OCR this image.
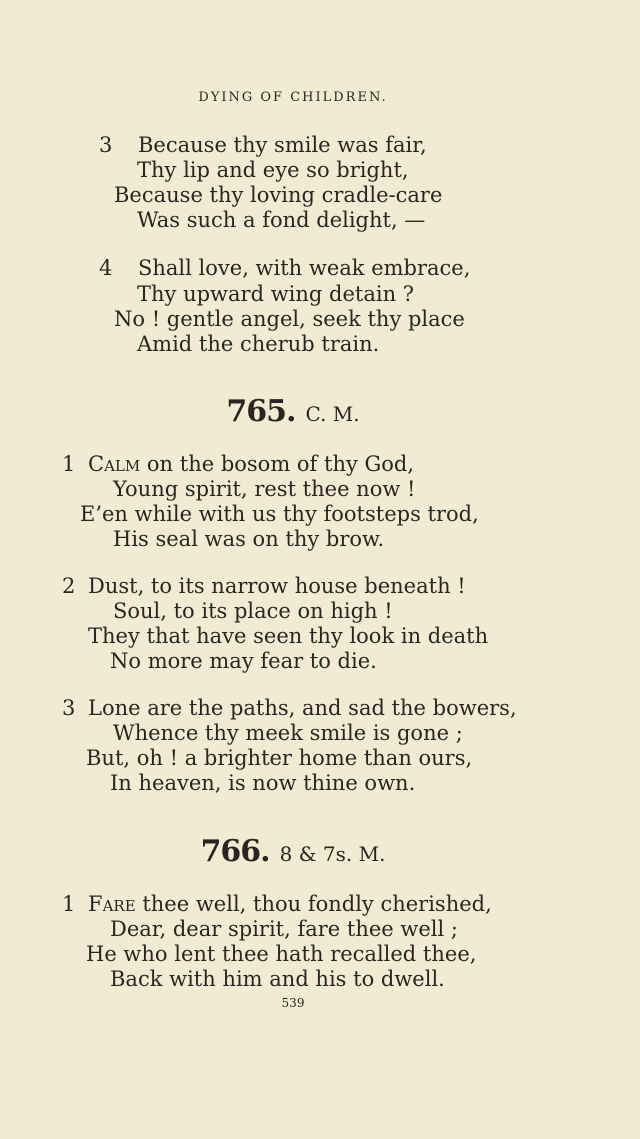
DYING OF CHILDREN.
3 Because thy smile was fair,
Thy lip and eye so bright,
Because thy loving cradle-care
Was such a fond delight, —
4 Shall love, with weak embrace,
Thy upward wing detain ?
No ! gentle angel, seek thy place
Amid the cherub train.
765. C. M.
1 Calm on the bosom of thy God,
Young spirit, rest thee now !
E’en while with us thy footsteps trod,
His seal was on thy brow.
2 Dust, to its narrow house beneath !
Soul, to its place on high !
They that have seen thy look in death
No more may fear to die.
3 Lone are the paths, and sad the bowers,
Whence thy meek smile is gone ;
But, oh ! a brighter home than ours,
In heaven, is now thine own.
766. 8 & 7s. M.
1 Fare thee well, thou fondly cherished,
Dear, dear spirit, fare thee well ;
He who lent thee hath recalled thee,
Back with him and his to dwell.
539
